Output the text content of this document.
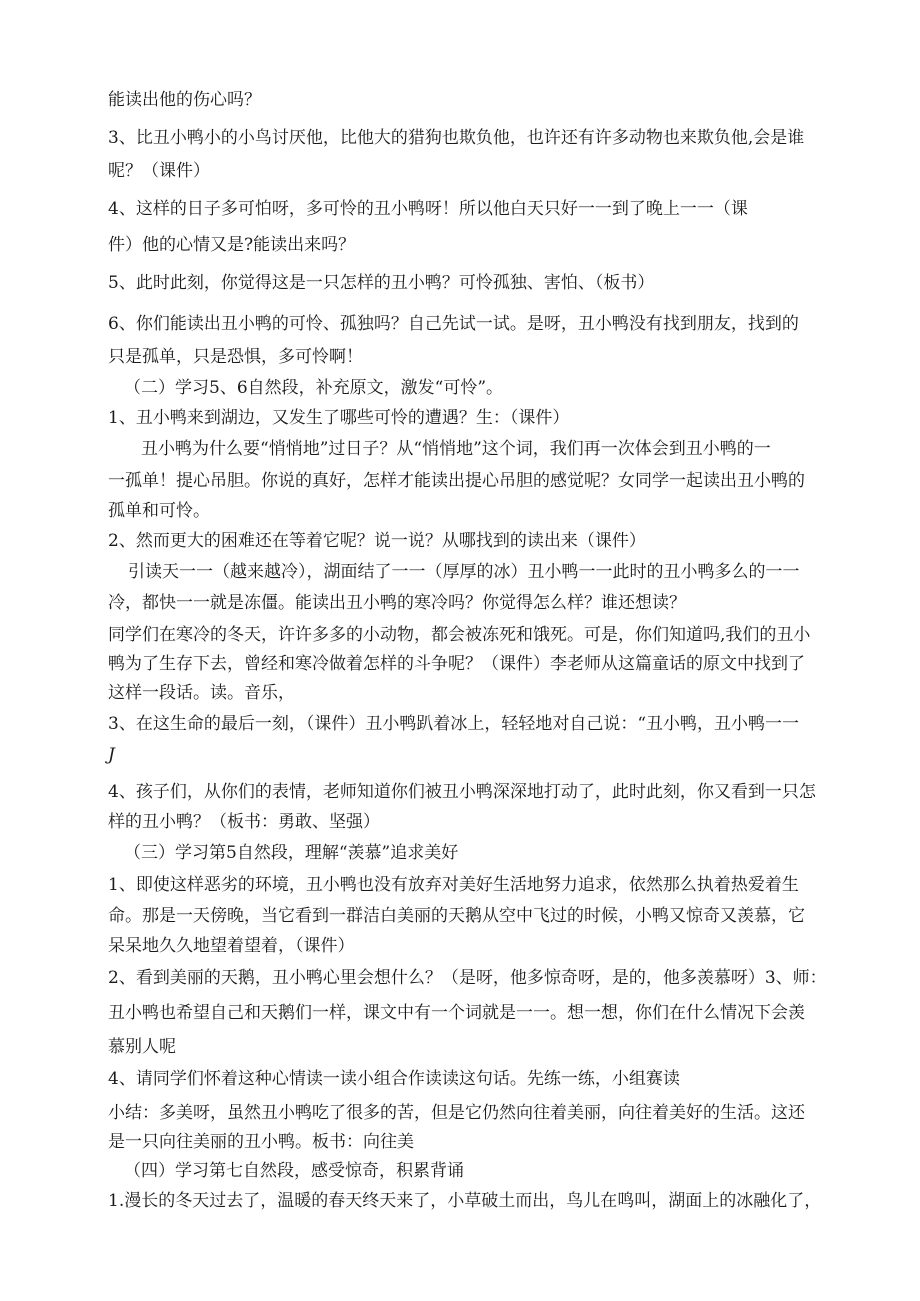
能读出他的伤心吗？
3、比丑小鸭小的小鸟讨厌他，比他大的猎狗也欺负他，也许还有许多动物也来欺负他,会是谁
呢？（课件）
4、这样的日子多可怕呀，多可怜的丑小鸭呀！所以他白天只好一一到了晚上一一（课
件）他的心情又是?能读出来吗？
5、此时此刻，你觉得这是一只怎样的丑小鸭？可怜孤独、害怕、（板书）
6、你们能读出丑小鸭的可怜、孤独吗？自己先试一试。是呀，丑小鸭没有找到朋友，找到的
只是孤单，只是恐惧，多可怜啊！
（二）学习5、6自然段，补充原文，激发“可怜”。
1、丑小鸭来到湖边，又发生了哪些可怜的遭遇？生：（课件）
丑小鸭为什么要“悄悄地”过日子？从“悄悄地”这个词，我们再一次体会到丑小鸭的一
一孤单！提心吊胆。你说的真好，怎样才能读出提心吊胆的感觉呢？女同学一起读出丑小鸭的
孤单和可怜。
2、然而更大的困难还在等着它呢？说一说？从哪找到的读出来（课件）
引读天一一（越来越冷），湖面结了一一（厚厚的冰）丑小鸭一一此时的丑小鸭多么的一一
冷，都快一一就是冻僵。能读出丑小鸭的寒冷吗？你觉得怎么样？谁还想读？
同学们在寒冷的冬天，许许多多的小动物，都会被冻死和饿死。可是，你们知道吗,我们的丑小
鸭为了生存下去，曾经和寒冷做着怎样的斗争呢？（课件）李老师从这篇童话的原文中找到了
这样一段话。读。音乐，
3、在这生命的最后一刻，（课件）丑小鸭趴着冰上，轻轻地对自己说：“丑小鸭，丑小鸭一一
J
4、孩子们，从你们的表情，老师知道你们被丑小鸭深深地打动了，此时此刻，你又看到一只怎
样的丑小鸭？（板书：勇敢、坚强）
（三）学习第5自然段，理解“羡慕”追求美好
1、即使这样恶劣的环境，丑小鸭也没有放弃对美好生活地努力追求，依然那么执着热爱着生
命。那是一天傍晚，当它看到一群洁白美丽的天鹅从空中飞过的时候，小鸭又惊奇又羡慕，它
呆呆地久久地望着望着，（课件）
2、看到美丽的天鹅，丑小鸭心里会想什么？（是呀，他多惊奇呀，是的，他多羡慕呀）3、师：
丑小鸭也希望自己和天鹅们一样，课文中有一个词就是一一。想一想，你们在什么情况下会羡
慕别人呢
4、请同学们怀着这种心情读一读小组合作读读这句话。先练一练，小组赛读
小结：多美呀，虽然丑小鸭吃了很多的苦，但是它仍然向往着美丽，向往着美好的生活。这还
是一只向往美丽的丑小鸭。板书：向往美
（四）学习第七自然段，感受惊奇，积累背诵
1.漫长的冬天过去了，温暖的春天终天来了，小草破土而出，鸟儿在鸣叫，湖面上的冰融化了，
